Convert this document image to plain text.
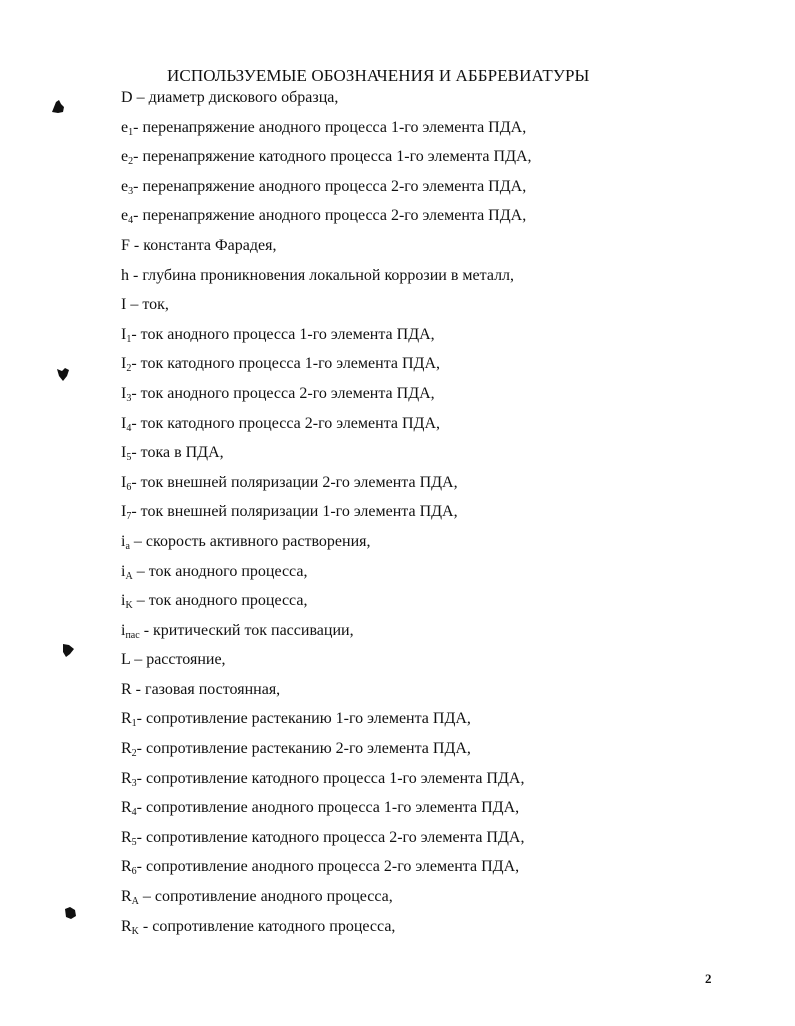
ИСПОЛЬЗУЕМЫЕ ОБОЗНАЧЕНИЯ И АББРЕВИАТУРЫ
D – диаметр дискового образца,
$e_1-$ перенапряжение анодного процесса 1-го элемента ПДА,
$e_2-$ перенапряжение катодного процесса 1-го элемента ПДА,
$e_3-$ перенапряжение анодного процесса 2-го элемента ПДА,
$e_4-$ перенапряжение анодного процесса 2-го элемента ПДА,
F - константа Фарадея,
h - глубина проникновения локальной коррозии в металл,
I – ток,
$I_1-$ ток анодного процесса 1-го элемента ПДА,
$I_2-$ ток катодного процесса 1-го элемента ПДА,
$I_3-$ ток анодного процесса 2-го элемента ПДА,
$I_4-$ ток катодного процесса 2-го элемента ПДА,
$I_5-$ тока в ПДА,
$I_6-$ ток внешней поляризации 2-го элемента ПДА,
$I_7-$ ток внешней поляризации 1-го элемента ПДА,
$i_a$ – скорость активного растворения,
$i_A$ – ток анодного процесса,
$i_K$ – ток анодного процесса,
$i_{пас}$ - критический ток пассивации,
L – расстояние,
R - газовая постоянная,
$R_1-$ сопротивление растеканию 1-го элемента ПДА,
$R_2-$ сопротивление растеканию 2-го элемента ПДА,
$R_3-$ сопротивление катодного процесса 1-го элемента ПДА,
$R_4-$ сопротивление анодного процесса 1-го элемента ПДА,
$R_5-$ сопротивление катодного процесса 2-го элемента ПДА,
$R_6-$ сопротивление анодного процесса 2-го элемента ПДА,
$R_A$ – сопротивление анодного процесса,
$R_K$ - сопротивление катодного процесса,
2
